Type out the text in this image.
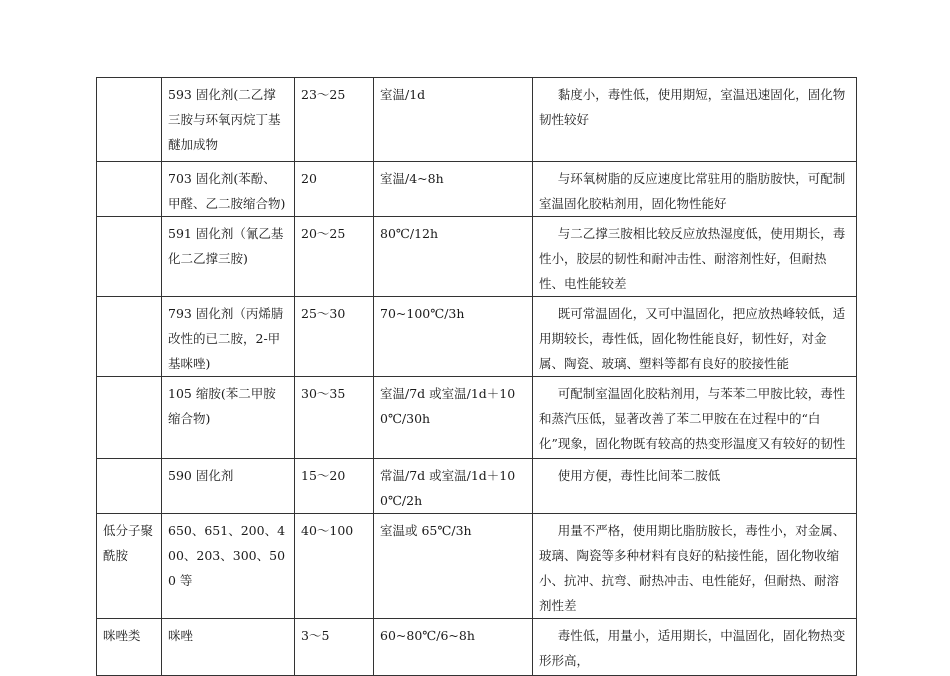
	593 固化剂(二乙撑三胺与环氧丙烷丁基醚加成物	23～25	室温/1d	黏度小，毒性低，使用期短，室温迅速固化，固化物韧性较好
	703 固化剂(苯酚、甲醛、乙二胺缩合物)	20	室温/4~8h	与环氧树脂的反应速度比常驻用的脂肪胺快，可配制室温固化胶粘剂用，固化物性能好
	591 固化剂（氰乙基化二乙撑三胺)	20～25	80℃/12h	与二乙撑三胺相比较反应放热湿度低，使用期长，毒性小，胶层的韧性和耐冲击性、耐溶剂性好，但耐热性、电性能较差
	793 固化剂（丙烯腈改性的已二胺，2-甲基咪唑)	25～30	70~100℃/3h	既可常温固化，又可中温固化，把应放热峰较低，适用期较长，毒性低，固化物性能良好，韧性好，对金属、陶瓷、玻璃、塑料等都有良好的胶接性能
	105 缩胺(苯二甲胺缩合物)	30～35	室温/7d 或室温/1d＋100℃/30h	可配制室温固化胶粘剂用，与苯苯二甲胺比较，毒性和蒸汽压低，显著改善了苯二甲胺在在过程中的“白化”现象，固化物既有较高的热变形温度又有较好的韧性
	590 固化剂	15～20	常温/7d 或室温/1d＋100℃/2h	使用方便，毒性比间苯二胺低
低分子聚酰胺	650、651、200、400、203、300、500 等	40～100	室温或 65℃/3h	用量不严格，使用期比脂肪胺长，毒性小，对金属、玻璃、陶瓷等多种材料有良好的粘接性能，固化物收缩小、抗冲、抗弯、耐热冲击、电性能好，但耐热、耐溶剂性差
咪唑类	咪唑	3～5	60~80℃/6~8h	毒性低，用量小，适用期长，中温固化，固化物热变形形高，
